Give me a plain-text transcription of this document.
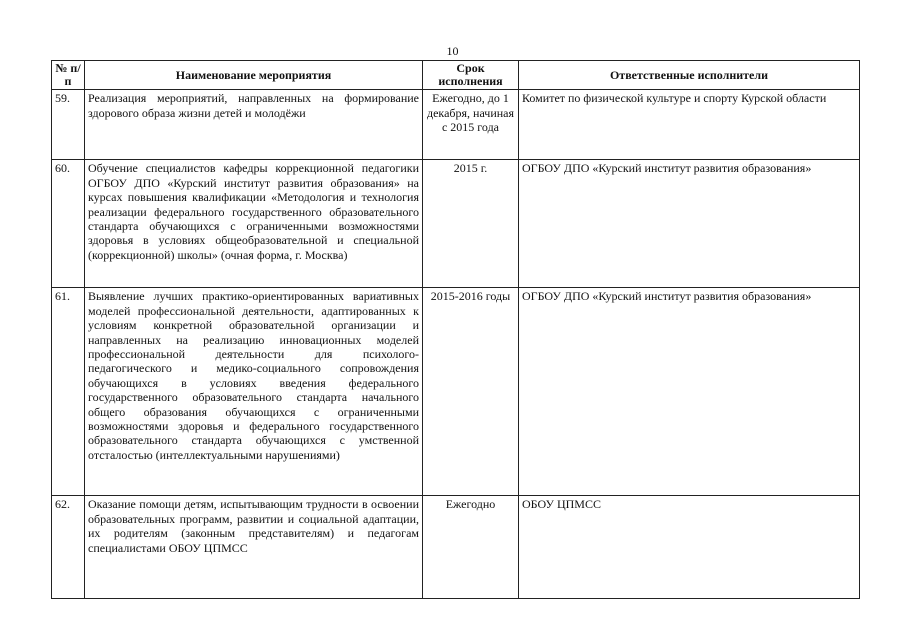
10
№ п/п	Наименование мероприятия	Срок исполнения	Ответственные исполнители
59.	Реализация мероприятий, направленных на формирование здорового образа жизни детей и молодёжи	Ежегодно, до 1 декабря, начиная с 2015 года	Комитет по физической культуре и спорту Курской области
60.	Обучение специалистов кафедры коррекционной педагогики ОГБОУ ДПО «Курский институт развития образования» на курсах повышения квалификации «Методология и технология реализации федерального государственного образовательного стандарта обучающихся с ограниченными возможностями здоровья в условиях общеобразовательной и специальной (коррекционной) школы» (очная форма, г. Москва)	2015 г.	ОГБОУ ДПО «Курский институт развития образования»
61.	Выявление лучших практико-ориентированных вариативных моделей профессиональной деятельности, адаптированных к условиям конкретной образовательной организации и направленных на реализацию инновационных моделей профессиональной деятельности для психолого-педагогического и медико-социального сопровождения обучающихся в условиях введения федерального государственного образовательного стандарта начального общего образования обучающихся с ограниченными возможностями здоровья и федерального государственного образовательного стандарта обучающихся с умственной отсталостью (интеллектуальными нарушениями)	2015-2016 годы	ОГБОУ ДПО «Курский институт развития образования»
62.	Оказание помощи детям, испытывающим трудности в освоении образовательных программ, развитии и социальной адаптации, их родителям (законным представителям) и педагогам специалистами ОБОУ ЦПМСС	Ежегодно	ОБОУ ЦПМСС
